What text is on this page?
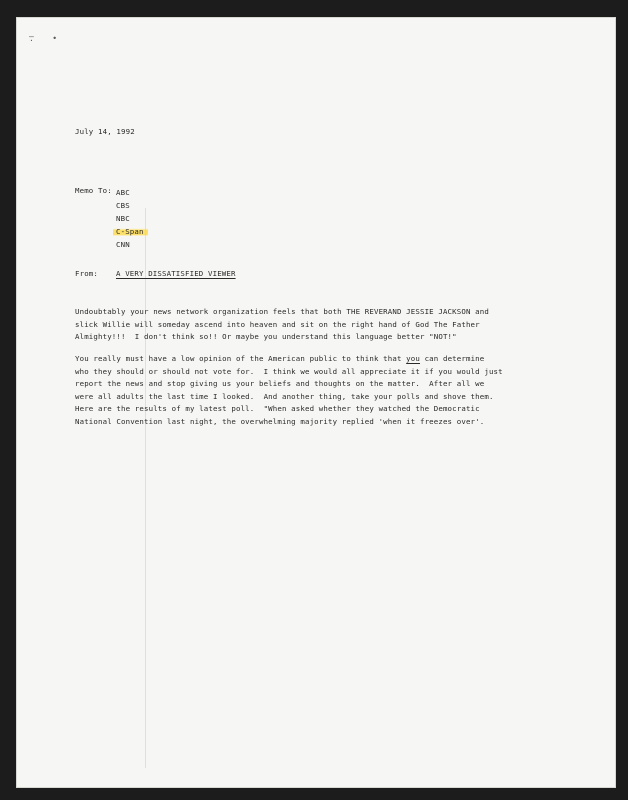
— .   •
July 14, 1992
Memo To: ABC
CBS
NBC
C-Span
CNN
From: A VERY DISSATISFIED VIEWER
Undoubtably your news network organization feels that both THE REVERAND JESSIE JACKSON and
slick Willie will someday ascend into heaven and sit on the right hand of God The Father
Almighty!!!  I don't think so!! Or maybe you understand this language better "NOT!"
You really must have a low opinion of the American public to think that you can determine
who they should or should not vote for.  I think we would all appreciate it if you would just
report the news and stop giving us your beliefs and thoughts on the matter.  After all we
were all adults the last time I looked.  And another thing, take your polls and shove them.
Here are the results of my latest poll.  "When asked whether they watched the Democratic
National Convention last night, the overwhelming majority replied 'when it freezes over'.
